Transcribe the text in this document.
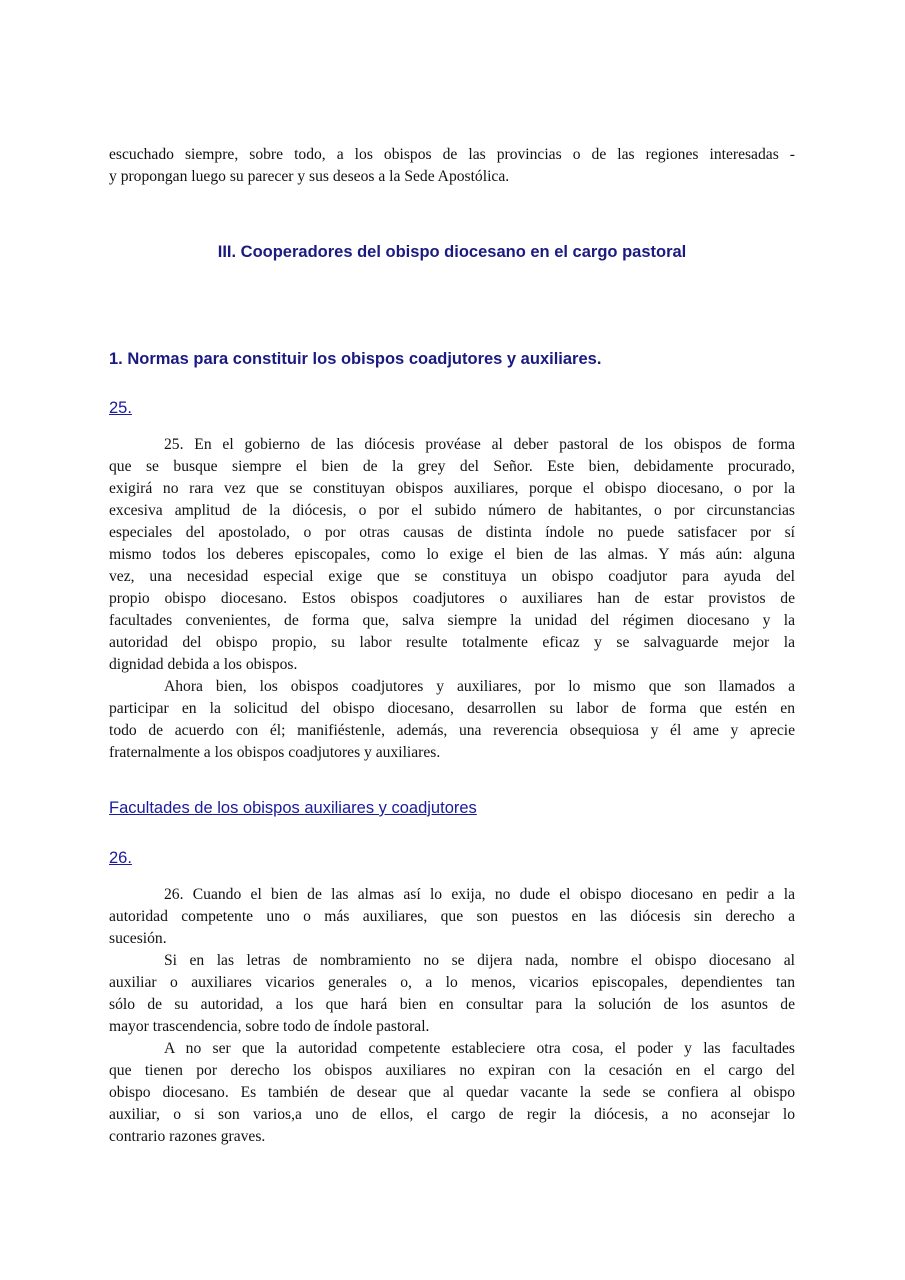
escuchado siempre, sobre todo, a los obispos de las provincias o de las regiones interesadas -
y propongan luego su parecer y sus deseos a la Sede Apostólica.
III. Cooperadores del obispo diocesano en el cargo pastoral
1. Normas para constituir los obispos coadjutores y auxiliares.
25.
25. En el gobierno de las diócesis provéase al deber pastoral de los obispos de forma
que se busque siempre el bien de la grey del Señor. Este bien, debidamente procurado,
exigirá no rara vez que se constituyan obispos auxiliares, porque el obispo diocesano, o por la
excesiva amplitud de la diócesis, o por el subido número de habitantes, o por circunstancias
especiales del apostolado, o por otras causas de distinta índole no puede satisfacer por sí
mismo todos los deberes episcopales, como lo exige el bien de las almas. Y más aún: alguna
vez, una necesidad especial exige que se constituya un obispo coadjutor para ayuda del
propio obispo diocesano. Estos obispos coadjutores o auxiliares han de estar provistos de
facultades convenientes, de forma que, salva siempre la unidad del régimen diocesano y la
autoridad del obispo propio, su labor resulte totalmente eficaz y se salvaguarde mejor la
dignidad debida a los obispos.
Ahora bien, los obispos coadjutores y auxiliares, por lo mismo que son llamados a
participar en la solicitud del obispo diocesano, desarrollen su labor de forma que estén en
todo de acuerdo con él; manifiéstenle, además, una reverencia obsequiosa y él ame y aprecie
fraternalmente a los obispos coadjutores y auxiliares.
Facultades de los obispos auxiliares y coadjutores
26.
26. Cuando el bien de las almas así lo exija, no dude el obispo diocesano en pedir a la
autoridad competente uno o más auxiliares, que son puestos en las diócesis sin derecho a
sucesión.
Si en las letras de nombramiento no se dijera nada, nombre el obispo diocesano al
auxiliar o auxiliares vicarios generales o, a lo menos, vicarios episcopales, dependientes tan
sólo de su autoridad, a los que hará bien en consultar para la solución de los asuntos de
mayor trascendencia, sobre todo de índole pastoral.
A no ser que la autoridad competente estableciere otra cosa, el poder y las facultades
que tienen por derecho los obispos auxiliares no expiran con la cesación en el cargo del
obispo diocesano. Es también de desear que al quedar vacante la sede se confiera al obispo
auxiliar, o si son varios,a uno de ellos, el cargo de regir la diócesis, a no aconsejar lo
contrario razones graves.
